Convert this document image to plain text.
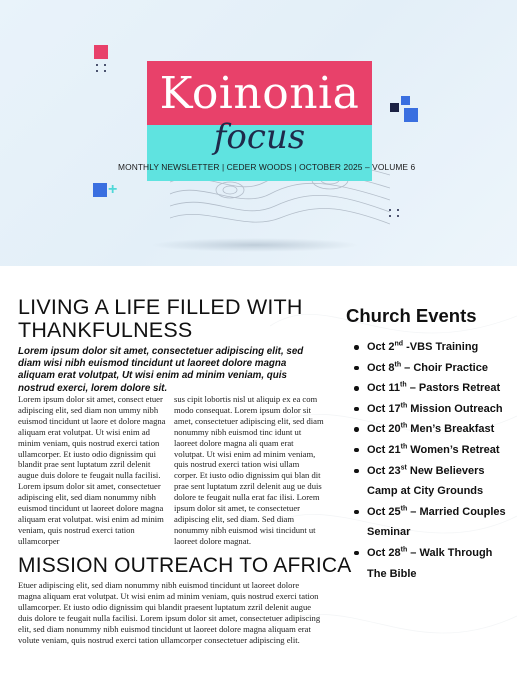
Koinonia
focus
MONTHLY NEWSLETTER | CEDER WOODS | OCTOBER 2025 – VOLUME 6
+
LIVING A LIFE FILLED WITH
THANKFULNESS

Lorem ipsum dolor sit amet, consectetuer adipiscing elit, sed diam wisi nibh euismod tincidunt ut laoreet dolore magna aliquam erat volutpat, Ut wisi enim ad minim veniam, quis nostrud exerci, lorem dolore sit.

Lorem ipsum dolor sit amet, consect etuer adipiscing elit, sed diam non ummy nibh euismod tincidunt ut laore et dolore magna aliquam erat volutpat. Ut wisi enim ad minim veniam, quis nostrud exerci tation ullamcorper. Et iusto odio dignissim qui blandit prae sent luptatum zzril delenit augue duis dolore te feugait nulla facilisi. Lorem ipsum dolor sit amet, consectetuer adipiscing elit, sed diam nonummy nibh euismod tincidunt ut laoreet dolore magna aliquam erat volutpat. wisi enim ad minim veniam, quis nostrud exerci tation ullamcorper

sus cipit lobortis nisl ut aliquip ex ea com modo consequat. Lorem ipsum dolor sit amet, consectetuer adipiscing elit, sed diam nonummy nibh euismod tinc idunt ut laoreet dolore magna ali quam erat volutpat. Ut wisi enim ad minim veniam, quis nostrud exerci tation wisi ullam corper. Et iusto odio dignissim qui blan dit prae sent luptatum zzril delenit aug ue duis dolore te feugait nulla erat fac ilisi. Lorem ipsum dolor sit amet, te consectetuer adipiscing elit, sed diam. Sed diam nonummy nibh euismod wisi tincidunt ut laoreet dolore magnat.

MISSION OUTREACH TO AFRICA

Etuer adipiscing elit, sed diam nonummy nibh euismod tincidunt ut laoreet dolore magna aliquam erat volutpat. Ut wisi enim ad minim veniam, quis nostrud exerci tation ullamcorper. Et iusto odio dignissim qui blandit praesent luptatum zzril delenit augue duis dolore te feugait nulla facilisi. Lorem ipsum dolor sit amet, consectetuer adipiscing elit, sed diam nonummy nibh euismod tincidunt ut laoreet dolore magna aliquam erat volute veniam, quis nostrud exerci tation ullamcorper consectetuer adipiscing elit.

Church Events
Oct 2nd -VBS Training
Oct 8th – Choir Practice
Oct 11th – Pastors Retreat
Oct 17th Mission Outreach
Oct 20th Men’s Breakfast
Oct 21th Women’s Retreat
Oct 23st New Believers Camp at City Grounds
Oct 25th – Married Couples Seminar
Oct 28th – Walk Through The Bible
